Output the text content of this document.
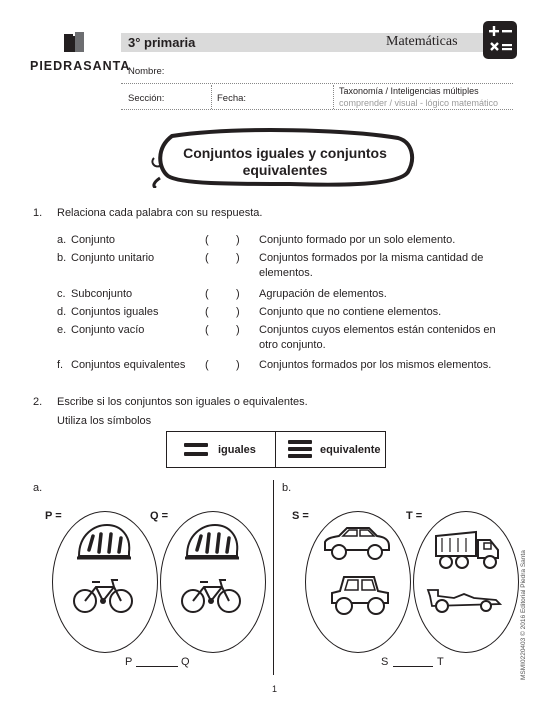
PIEDRASANTA
3° primaria	Matemáticas
Nombre:
Sección:	Fecha:
Taxonomía / Inteligencias múltiples
comprender / visual - lógico matemático
Conjuntos iguales y conjuntos
equivalentes
1. Relaciona cada palabra con su respuesta.
a. Conjunto	( ) Conjunto formado por un solo elemento.
b. Conjunto unitario	( ) Conjuntos formados por la misma cantidad de
elementos.
c. Subconjunto	( ) Agrupación de elementos.
d. Conjuntos iguales	( ) Conjunto que no contiene elementos.
e. Conjunto vacío	( ) Conjuntos cuyos elementos están contenidos en
otro conjunto.
f. Conjuntos equivalentes ( ) Conjuntos formados por los mismos elementos.
2. Escribe si los conjuntos son iguales o equivalentes.
Utiliza los símbolos
iguales	equivalente
a.
P =	Q =
P	Q
b.
S =	T =
S	T
1
MSMI0220403 © 2016 Editorial Piedra Santa
